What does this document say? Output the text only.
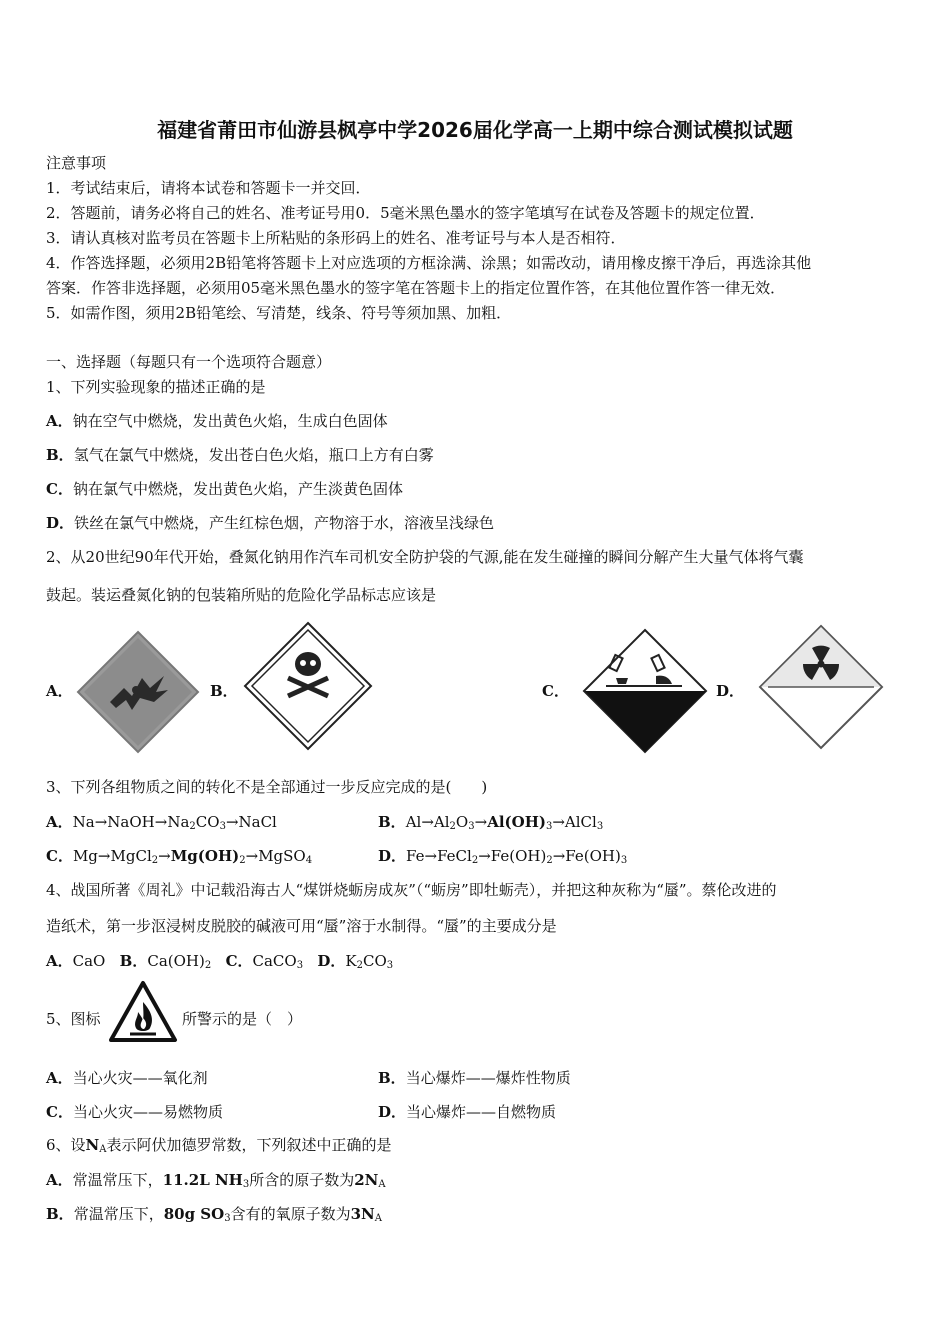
福建省莆田市仙游县枫亭中学2026届化学高一上期中综合测试模拟试题
注意事项
1．考试结束后，请将本试卷和答题卡一并交回．
2．答题前，请务必将自己的姓名、准考证号用0．5毫米黑色墨水的签字笔填写在试卷及答题卡的规定位置．
3．请认真核对监考员在答题卡上所粘贴的条形码上的姓名、准考证号与本人是否相符．
4．作答选择题，必须用2B铅笔将答题卡上对应选项的方框涂满、涂黑；如需改动，请用橡皮擦干净后，再选涂其他
答案．作答非选择题，必须用05毫米黑色墨水的签字笔在答题卡上的指定位置作答，在其他位置作答一律无效．
5．如需作图，须用2B铅笔绘、写清楚，线条、符号等须加黑、加粗．
一、选择题（每题只有一个选项符合题意）
1、下列实验现象的描述正确的是
A．钠在空气中燃烧，发出黄色火焰，生成白色固体
B．氢气在氯气中燃烧，发出苍白色火焰，瓶口上方有白雾
C．钠在氯气中燃烧，发出黄色火焰，产生淡黄色固体
D．铁丝在氯气中燃烧，产生红棕色烟，产物溶于水，溶液呈浅绿色
2、从20世纪90年代开始，叠氮化钠用作汽车司机安全防护袋的气源,能在发生碰撞的瞬间分解产生大量气体将气囊
鼓起。装运叠氮化钠的包装箱所贴的危险化学品标志应该是
A．	B．	C．	D．
3、下列各组物质之间的转化不是全部通过一步反应完成的是(　　)
A．$Na\to NaOH\to Na_2CO_3\to NaCl$	B．$Al\to Al_2O_3\to Al(OH)_3\to AlCl_3$
C．$Mg\to MgCl_2\to Mg(OH)_2\to MgSO_4$	D．$Fe\to FeCl_2\to Fe(OH)_2\to Fe(OH)_3$
4、战国所著《周礼》中记载沿海古人“煤饼烧蛎房成灰”（“蛎房”即牡蛎壳），并把这种灰称为“蜃”。蔡伦改进的
造纸术，第一步沤浸树皮脱胶的碱液可用“蜃”溶于水制得。“蜃”的主要成分是
A．CaO B．$Ca(OH)_2$ C．CaCO$_3$ D．$K_2CO_3$
5、图标	所警示的是（　）
A．当心火灾——氧化剂	B．当心爆炸——爆炸性物质
C．当心火灾——易燃物质	D．当心爆炸——自燃物质
6、设$N_A$表示阿伏加德罗常数，下列叙述中正确的是
A．常温常压下，11.2L $NH_3$所含的原子数为$2N_A$
B．常温常压下，80g $SO_3$含有的氧原子数为$3N_A$
